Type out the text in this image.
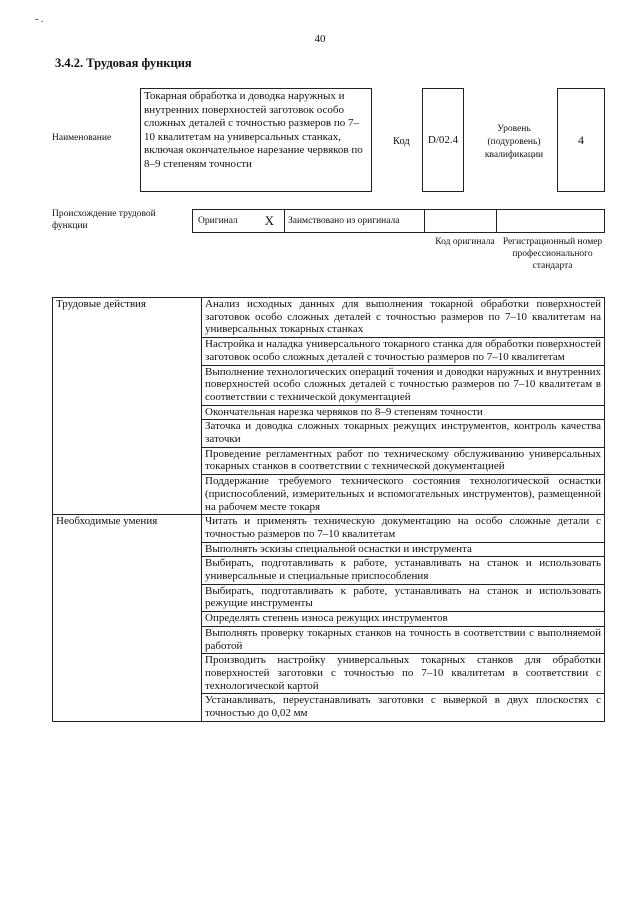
- .
40
3.4.2. Трудовая функция
Наименование
Токарная обработка и доводка наружных и внутренних поверхностей заготовок особо сложных деталей с точностью размеров по 7–10 квалитетам на универсальных станках, включая окончательное нарезание червяков по 8–9 степеням точности
Код	D/02.4
Уровень (подуровень) квалификации
4
Происхождение трудовой функции	Оригинал X Заимствовано из оригинала
Код оригинала Регистрационный номер профессионального стандарта
Трудовые действия	Анализ исходных данных для выполнения токарной обработки поверхностей заготовок особо сложных деталей с точностью размеров по 7–10 квалитетам на универсальных токарных станках
	Настройка и наладка универсального токарного станка для обработки поверхностей заготовок особо сложных деталей с точностью размеров по 7–10 квалитетам
	Выполнение технологических операций точения и доводки наружных и внутренних поверхностей особо сложных деталей с точностью размеров по 7–10 квалитетам в соответствии с технической документацией
	Окончательная нарезка червяков по 8–9 степеням точности
	Заточка и доводка сложных токарных режущих инструментов, контроль качества заточки
	Проведение регламентных работ по техническому обслуживанию универсальных токарных станков в соответствии с технической документацией
	Поддержание требуемого технического состояния технологической оснастки (приспособлений, измерительных и вспомогательных инструментов), размещенной на рабочем месте токаря
Необходимые умения	Читать и применять техническую документацию на особо сложные детали с точностью размеров по 7–10 квалитетам
	Выполнять эскизы специальной оснастки и инструмента
	Выбирать, подготавливать к работе, устанавливать на станок и использовать универсальные и специальные приспособления
	Выбирать, подготавливать к работе, устанавливать на станок и использовать режущие инструменты
	Определять степень износа режущих инструментов
	Выполнять проверку токарных станков на точность в соответствии с выполняемой работой
	Производить настройку универсальных токарных станков для обработки поверхностей заготовки с точностью по 7–10 квалитетам в соответствии с технологической картой
	Устанавливать, переустанавливать заготовки с выверкой в двух плоскостях с точностью до 0,02 мм
